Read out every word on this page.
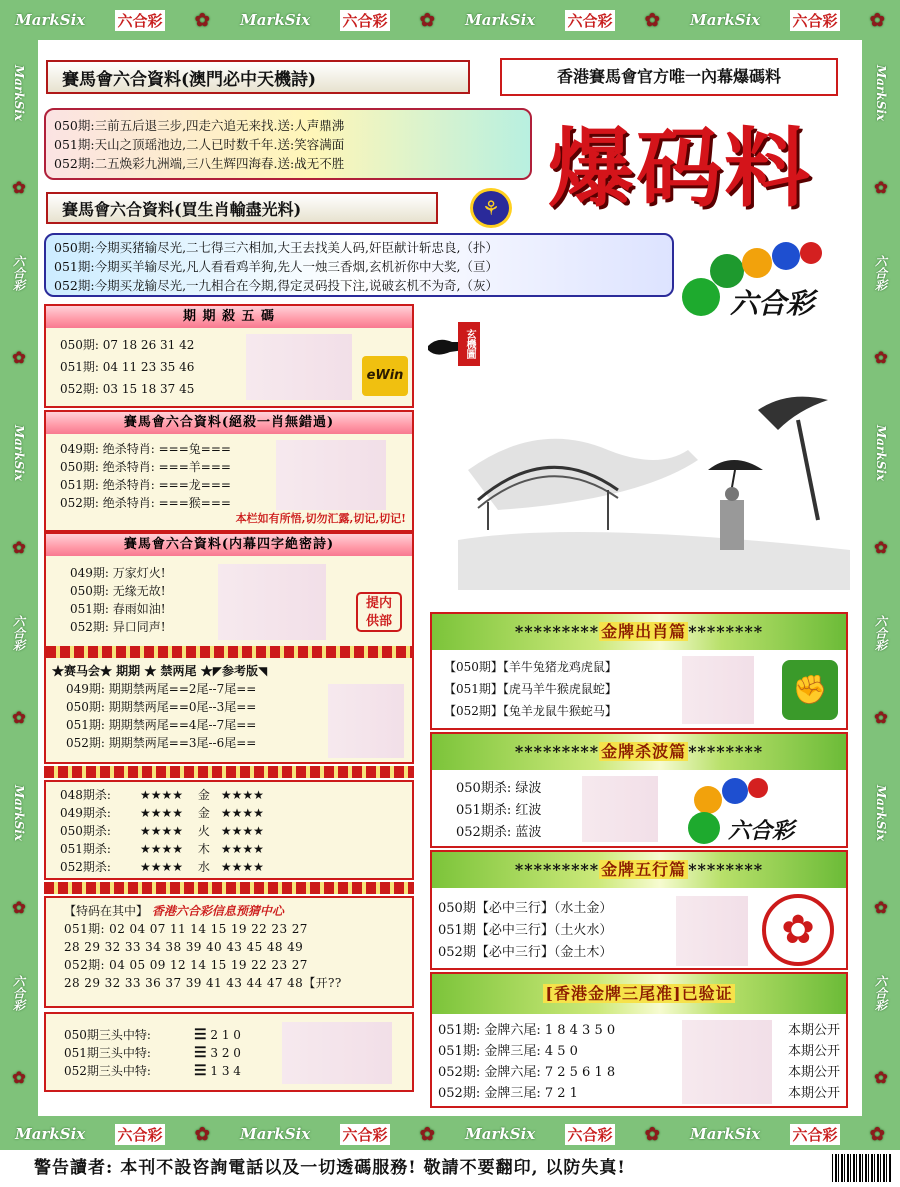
MarkSix 六合彩 ✿ MarkSix 六合彩 ✿ MarkSix 六合彩 ✿ MarkSix 六合彩 ✿
MarkSix 六合彩 ✿ MarkSix 六合彩 ✿ MarkSix 六合彩 ✿ MarkSix 六合彩 ✿
MarkSix
✿
六合彩
✿
MarkSix
✿
六合彩
✿
MarkSix
✿
六合彩
✿
MarkSix
✿
六合彩
✿
MarkSix
✿
六合彩
✿
MarkSix
✿
六合彩
✿
賽馬會六合資料(澳門必中天機詩)	香港賽馬會官方唯一內幕爆碼料
050期:三前五后退三步,四走六追无来找.送:人声鼎沸
051期:天山之顶瑶池边,二人已时数千年.送:笑容满面
052期:二五焕彩九洲端,三八生辉四海春.送:战无不胜
賽馬會六合資料(買生肖輸盡光料)	⚘ 爆码料
050期:今期买猪输尽光,二七得三六相加,大王去找美人码,奸臣献计斩忠良,（扑）
051期:今期买羊输尽光,凡人看看鸡羊狗,先人一烛三香烟,玄机祈你中大奖,（亘）
052期:今期买龙输尽光,一九相合在今期,得定灵码投下注,说破玄机不为奇,（灰）
六合彩
期 期 殺 五 碼
050期: 07 18 26 31 42
051期: 04 11 23 35 46
052期: 03 15 18 37 45
eWin
賽馬會六合資料(絕殺一肖無錯過)
049期: 绝杀特肖: ===兔===
050期: 绝杀特肖: ===羊===
051期: 绝杀特肖: ===龙===
052期: 绝杀特肖: ===猴===
本栏如有所悟,切勿汇露,切记,切记!
賽馬會六合資料(内幕四字絶密詩)
049期: 万家灯火!
050期: 无缘无故!
051期: 春雨如油!
052期: 异口同声!
提内供部
★赛马会★ 期期 ★ 禁两尾 ★◤参考版◥
049期: 期期禁两尾==2尾--7尾==
050期: 期期禁两尾==0尾--3尾==
051期: 期期禁两尾==4尾--7尾==
052期: 期期禁两尾==3尾--6尾==
048期杀: ★★★★ 金 ★★★★
049期杀: ★★★★ 金 ★★★★
050期杀: ★★★★ 火 ★★★★
051期杀: ★★★★ 木 ★★★★
052期杀: ★★★★ 水 ★★★★
【特码在其中】 香港六合彩信息预猜中心
051期: 02 04 07 11 14 15 19 22 23 27
28 29 32 33 34 38 39 40 43 45 48 49
052期: 04 05 09 12 14 15 19 22 23 27
28 29 32 33 36 37 39 41 43 44 47 48【开??
050期三头中特:	☰ 2 1 0
051期三头中特:	☰ 3 2 0
052期三头中特:	☰ 1 3 4
玄機圖
********* 金牌出肖篇 ********
【050期】【羊牛兔猪龙鸡虎鼠】
【051期】【虎马羊牛猴虎鼠蛇】
【052期】【兔羊龙鼠牛猴蛇马】
✊
********* 金牌杀波篇 ********
050期杀: 绿波
051期杀: 红波
052期杀: 蓝波	六合彩
********* 金牌五行篇 ********
050期【必中三行】（水土金）
051期【必中三行】（土火水）
052期【必中三行】（金土木）	✿
[香港金牌三尾准]已验证
051期: 金牌六尾: 1 8 4 3 5 0	本期公开
051期: 金牌三尾: 4 5 0	本期公开
052期: 金牌六尾: 7 2 5 6 1 8	本期公开
052期: 金牌三尾: 7 2 1	本期公开
警告讀者: 本刊不設咨詢電話以及一切透碼服務! 敬請不要翻印, 以防失真!
